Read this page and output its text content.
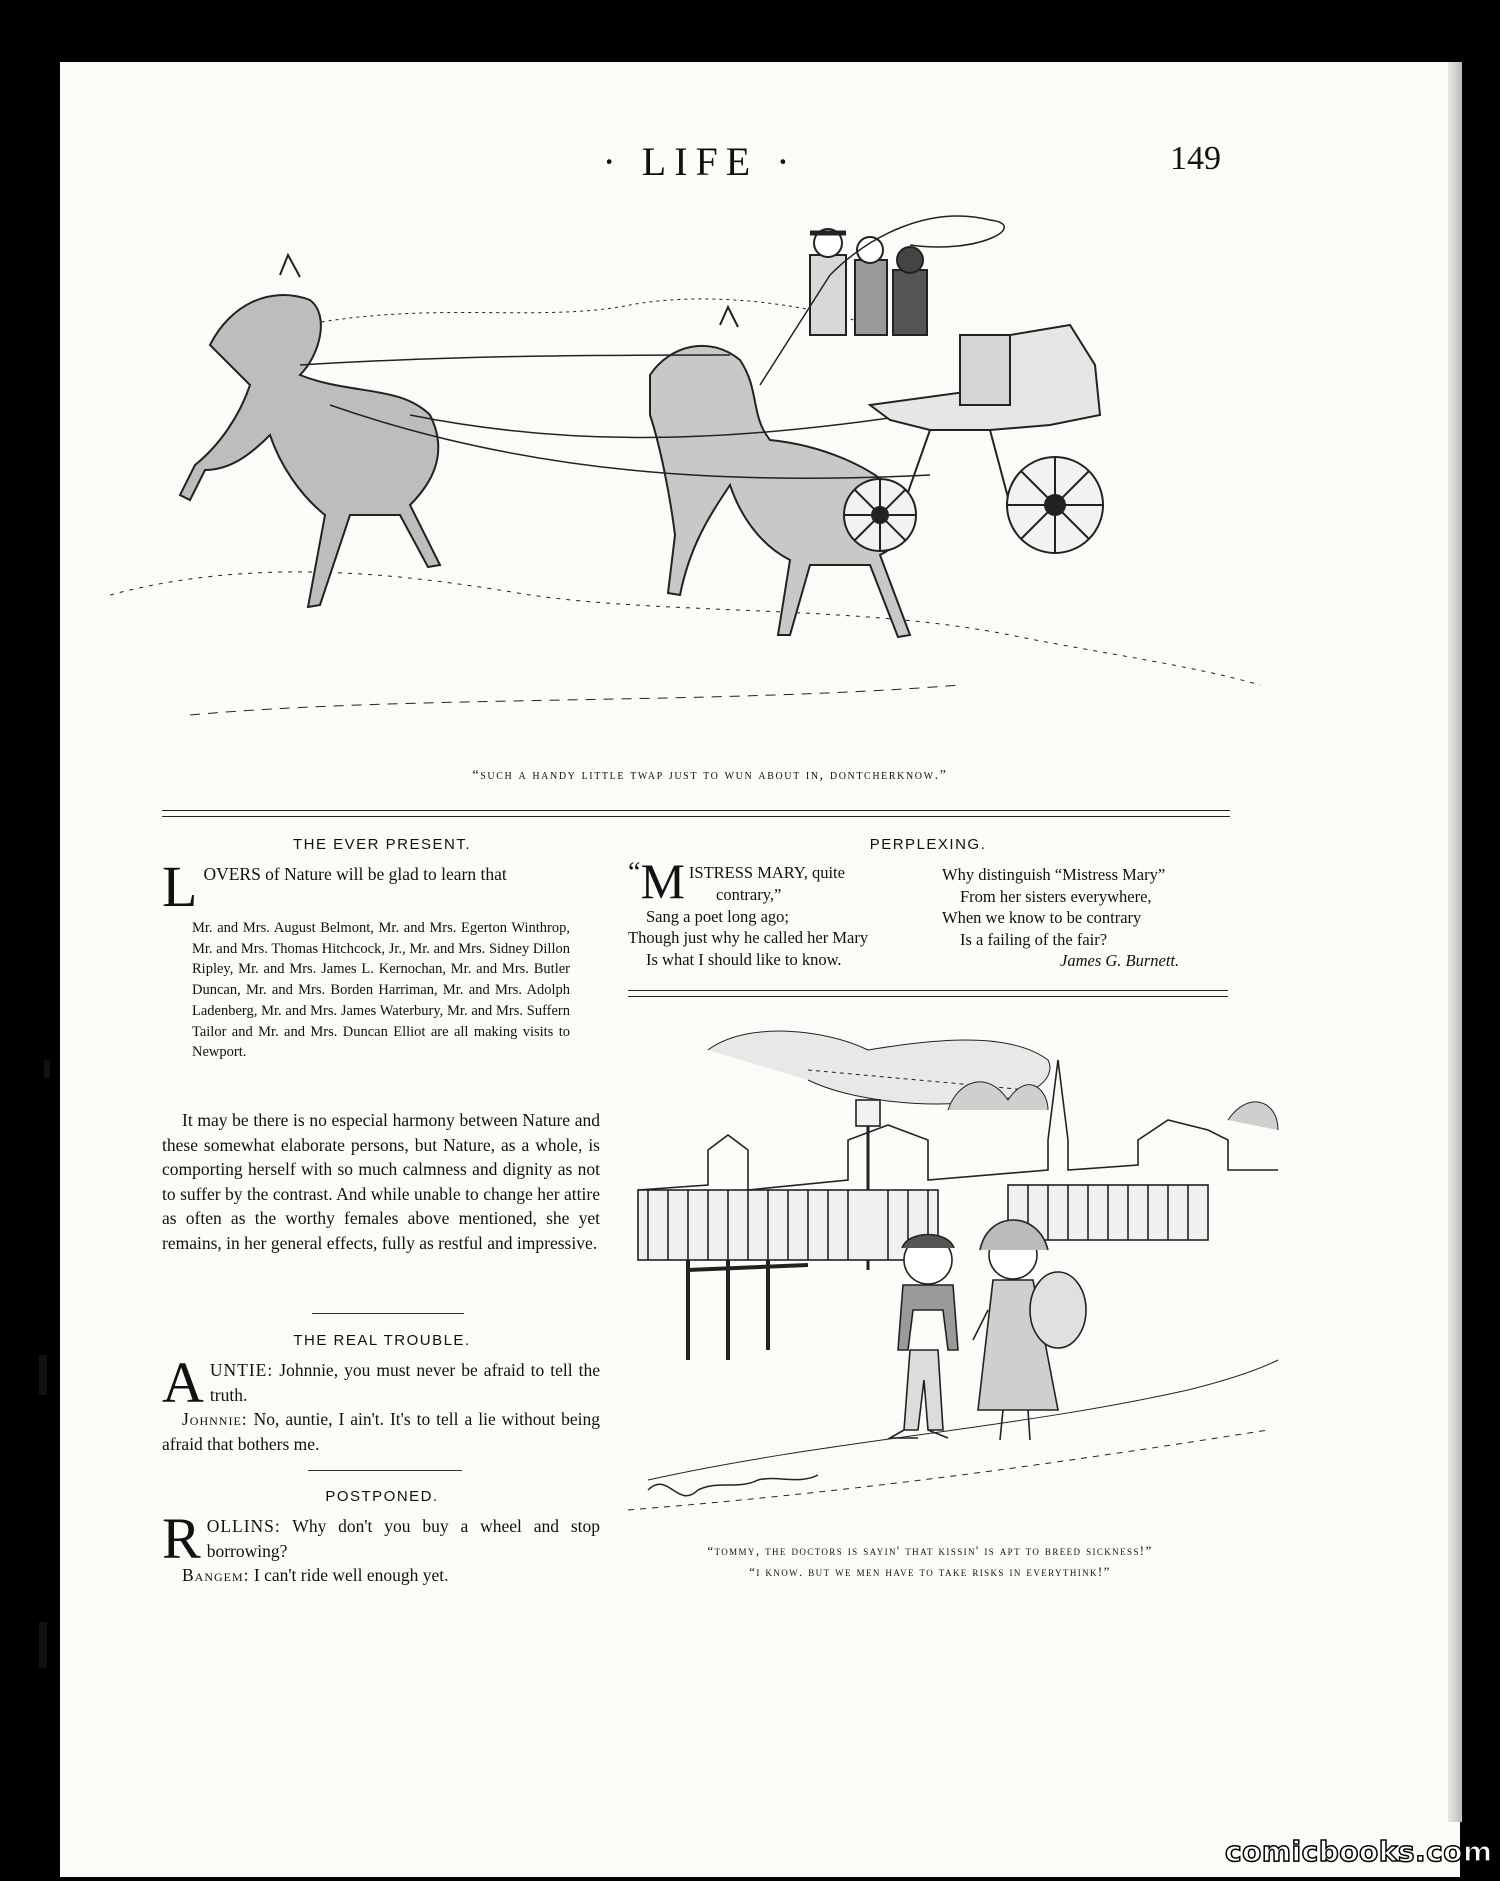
· LIFE ·	149
“such a handy little twap just to wun about in, dontcherknow.”
THE EVER PRESENT.
LOVERS of Nature will be glad to learn that
Mr. and Mrs. August Belmont, Mr. and Mrs. Egerton Winthrop, Mr. and Mrs. Thomas Hitchcock, Jr., Mr. and Mrs. Sidney Dillon Ripley, Mr. and Mrs. James L. Kernochan, Mr. and Mrs. Butler Duncan, Mr. and Mrs. Borden Harriman, Mr. and Mrs. Adolph Ladenberg, Mr. and Mrs. James Waterbury, Mr. and Mrs. Suffern Tailor and Mr. and Mrs. Duncan Elliot are all making visits to Newport.
It may be there is no especial harmony between Nature and these somewhat elaborate persons, but Nature, as a whole, is comporting herself with so much calmness and dignity as not to suffer by the contrast. And while unable to change her attire as often as the worthy females above mentioned, she yet remains, in her general effects, fully as restful and impressive.
THE REAL TROUBLE.
AUNTIE: Johnnie, you must never be afraid to tell the truth.
Johnnie: No, auntie, I ain't. It's to tell a lie without being afraid that bothers me.
POSTPONED.
ROLLINS: Why don't you buy a wheel and stop borrowing?
Bangem: I can't ride well enough yet.
PERPLEXING.
“M ISTRESS MARY, quite
contrary,”
Sang a poet long ago;
Though just why he called her Mary
Is what I should like to know.
Why distinguish “Mistress Mary”
From her sisters everywhere,
When we know to be contrary
Is a failing of the fair?
James G. Burnett.
“tommy, the doctors is sayin' that kissin' is apt to breed sickness!”
“i know. but we men have to take risks in everythink!”
comicbooks.com
